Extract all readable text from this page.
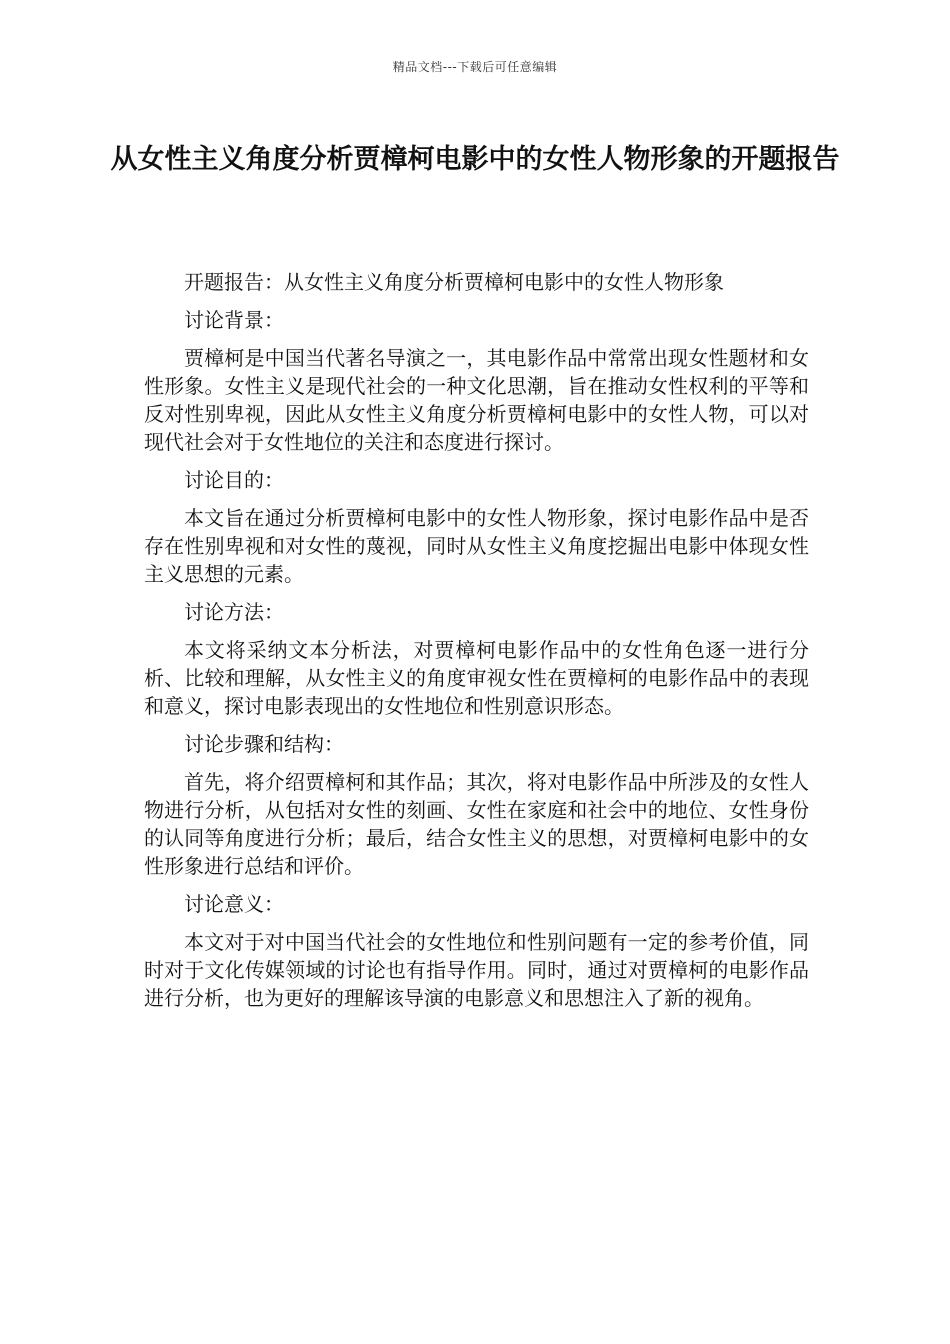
精品文档---下载后可任意编辑
从女性主义角度分析贾樟柯电影中的女性人物形象的开题报告

开题报告：从女性主义角度分析贾樟柯电影中的女性人物形象

讨论背景：

贾樟柯是中国当代著名导演之一，其电影作品中常常出现女性题材和女性形象。女性主义是现代社会的一种文化思潮，旨在推动女性权利的平等和反对性别卑视，因此从女性主义角度分析贾樟柯电影中的女性人物，可以对现代社会对于女性地位的关注和态度进行探讨。

讨论目的：

本文旨在通过分析贾樟柯电影中的女性人物形象，探讨电影作品中是否存在性别卑视和对女性的蔑视，同时从女性主义角度挖掘出电影中体现女性主义思想的元素。

讨论方法：

本文将采纳文本分析法，对贾樟柯电影作品中的女性角色逐一进行分析、比较和理解，从女性主义的角度审视女性在贾樟柯的电影作品中的表现和意义，探讨电影表现出的女性地位和性别意识形态。

讨论步骤和结构：

首先，将介绍贾樟柯和其作品；其次，将对电影作品中所涉及的女性人物进行分析，从包括对女性的刻画、女性在家庭和社会中的地位、女性身份的认同等角度进行分析；最后，结合女性主义的思想，对贾樟柯电影中的女性形象进行总结和评价。

讨论意义：

本文对于对中国当代社会的女性地位和性别问题有一定的参考价值，同时对于文化传媒领域的讨论也有指导作用。同时，通过对贾樟柯的电影作品进行分析，也为更好的理解该导演的电影意义和思想注入了新的视角。
